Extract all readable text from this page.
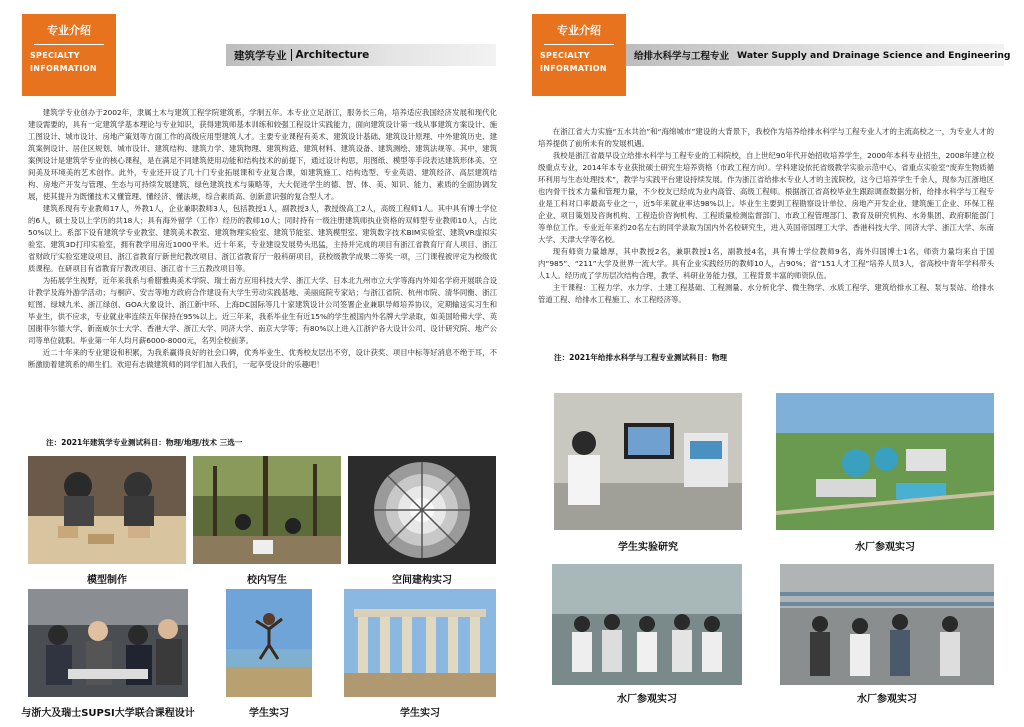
专业介绍
SPECIALTY
INFORMATION
建筑学专业 Architecture

建筑学专业创办于2002年，隶属土木与建筑工程学院建筑系，学制五年。本专业立足浙江，服务长三角，培养适应我国经济发展和现代化建设需要的，具有一定建筑学基本理论与专业知识，获得建筑师基本训练和较强工程设计实践能力，面向建筑设计第一线从事建筑方案设计、施工图设计、城市设计、房地产策划等方面工作的高级应用型建筑人才。主要专业课程有美术、建筑设计基础、建筑设计原理、中外建筑历史、建筑案例设计、居住区规划、城市设计、建筑结构、建筑力学、建筑物理、建筑构造、建筑材料、建筑设备、建筑测绘、建筑法规等。其中，建筑案例设计是建筑学专业的核心课程，是在满足不同建筑使用功能和结构技术的前提下，通过设计构思，用图纸、模型等手段表达建筑形体美、空间美及环境美的艺术创作。此外，专业还开设了几十门专业拓展课和专业复合课，如建筑施工、结构选型、专业英语、建筑经济、高层建筑结构、房地产开发与管理、生态与可持续发展建筑、绿色建筑技术与策略等，大大促进学生的德、智、体、美、知识、能力、素质的全面协调发展，使其提升为既懂技术又懂管理、懂经济、懂法规，综合素质高、创新意识强的复合型人才。

建筑系现有专业教师17人，外教1人，企业兼职教师3人，包括教授1人，副教授3人，教授级高工2人，高级工程师1人。其中具有博士学位的6人，硕士及以上学历的共18人；具有海外留学（工作）经历的教师10人；同时持有一级注册建筑师执业资格的双师型专业教师10人，占比50%以上。系部下设有建筑学专业教室、建筑美术教室、建筑物理实验室、建筑节能室、建筑模型室、建筑数字技术BIM实验室、建筑VR虚拟实验室、建筑3D打印实验室，拥有教学用房近1000平米。近十年来，专业建设发展势头迅猛，主持并完成的项目有浙江省教育厅育人项目、浙江省财政厅实验室建设项目、浙江省教育厅新世纪教改项目、浙江省教育厅一般科研项目，获校级教学成果二等奖一项，三门课程被评定为校级优质课程。在研项目有省教育厅教改项目、浙江省十三五教改项目等。

为拓展学生视野，近年来我系与希腊雅典美术学院、瑞士南方应用科技大学、浙江大学、日本北九州市立大学等海内外知名学府开展联合设计教学及海外游学活动；与桐庐、安吉等地方政府合作建设有大学生劳动实践基地、美丽庭院专家站；与浙江省院、杭州市院、清华同衡、浙江虹图、绿城九米、浙江绿创、GOA大象设计、浙江新中环、上海DC国际等几十家建筑设计公司签署企业兼职导师培养协议，定期输送实习生和毕业生，供不应求，专业就业率连续五年保持在95%以上。近三年来，我系毕业生有近15%的学生被国内外名牌大学录取，如美国哈佛大学、英国谢菲尔德大学、新南威尔士大学、香港大学、浙江大学、同济大学、南京大学等；有80%以上进入江浙沪各大设计公司、设计研究院、地产公司等单位就职。毕业第一年人均月薪6000-8000元，名列全校前茅。

近二十年来的专业建设和积累，为我系赢得良好的社会口碑，优秀毕业生、优秀校友层出不穷，设计获奖、项目中标等好消息不绝于耳，不断激励着建筑系的师生们。欢迎有志做建筑师的同学们加入我们，一起享受设计的乐趣吧！

注：2021年建筑学专业测试科目：物理/地理/技术 三选一
模型制作	校内写生	空间建构实习
与浙大及瑞士SUPSI大学联合课程设计	学生实习	学生实习
专业介绍
SPECIALTY
INFORMATION
给排水科学与工程专业 Water Supply and Drainage Science and Engineering

在浙江省大力实施“五水共治”和“海绵城市”建设的大背景下，我校作为培养给排水科学与工程专业人才的主流高校之一，为专业人才的培养提供了前所未有的发展机遇。

我校是浙江省最早设立给排水科学与工程专业的工科院校，自上世纪90年代开始招收培养学生，2000年本科专业招生，2008年建立校级重点专业，2014年本专业获批硕士研究生培养资格（市政工程方向）。学科建设依托省级教学实验示范中心、省重点实验室“废弃生物质循环利用与生态处理技术”，教学与实践平台建设持续发展。作为浙江省给排水专业人才的主流院校，这今已培养学生千余人，现参为江浙地区也内骨干技术力量和管理力量，不少校友已经成为业内高管、高级工程师。根据浙江省高校毕业生跟踪调查数据分析，给排水科学与工程专业是工科对口率最高专业之一，近5年来就业率达98%以上。毕业生主要到工程勘察设计单位、房地产开发企业、建筑施工企业、环保工程企业、项目策划及咨询机构、工程造价咨询机构、工程质量检测监督部门、市政工程管理部门、教育及研究机构、水务集团、政府职能部门等单位工作。专业近年来约20名左右的同学录取为国内外名校研究生，进入英国帝国理工大学、香港科技大学、同济大学、浙江大学、东南大学、天津大学等名校。

现有师资力量雄厚，其中教授2名，兼职教授1名，副教授4名，具有博士学位教师9名，海外归国博士1名，师资力量均来自于国内“985”、“211”大学及世界一流大学。具有企业实践经历的教师10人，占90%；省“151人才工程”培养人员3人，省高校中青年学科带头人1人。经历成了学历层次结构合理，教学、科研业务能力强，工程背景丰富的师资队伍。

主干课程：工程力学、水力学、土建工程基础、工程测量、水分析化学、微生物学、水质工程学、建筑给排水工程、泵与泵站、给排水管道工程、给排水工程施工、水工程经济等。

注：2021年给排水科学与工程专业测试科目：物理
学生实验研究	水厂参观实习
水厂参观实习	水厂参观实习
